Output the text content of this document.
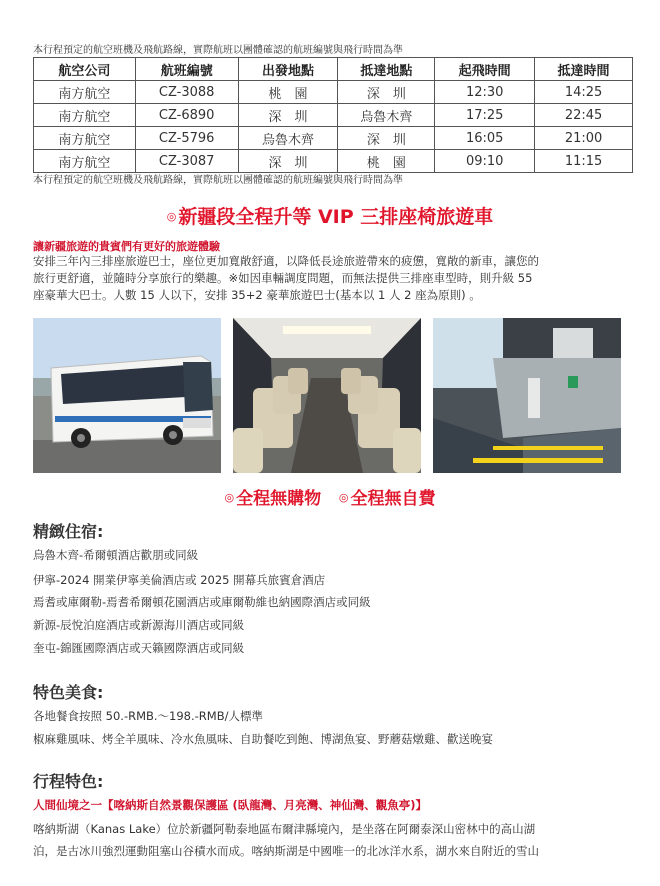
本行程預定的航空班機及飛航路線，實際航班以團體確認的航班編號與飛行時間為準
航空公司	航班編號	出發地點	抵達地點	起飛時間	抵達時間
南方航空	CZ-3088	桃　園	深　圳	12:30	14:25
南方航空	CZ-6890	深　圳	烏魯木齊	17:25	22:45
南方航空	CZ-5796	烏魯木齊	深　圳	16:05	21:00
南方航空	CZ-3087	深　圳	桃　園	09:10	11:15
本行程預定的航空班機及飛航路線，實際航班以團體確認的航班編號與飛行時間為準
◎ 新疆段全程升等 VIP 三排座椅旅遊車
讓新疆旅遊的貴賓們有更好的旅遊體驗
安排三年內三排座旅遊巴士，座位更加寬敞舒適，以降低長途旅遊帶來的疲憊，寬敞的新車，讓您的
旅行更舒適，並隨時分享旅行的樂趣。※如因車輛調度問題，而無法提供三排座車型時，則升級 55
座豪華大巴士。人數 15 人以下，安排 35+2 豪華旅遊巴士(基本以 1 人 2 座為原則) 。
◎ 全程無購物 ◎ 全程無自費
精緻住宿:
烏魯木齊-希爾頓酒店歡朋或同級
伊寧-2024 開業伊寧美倫酒店或 2025 開幕兵旅賓倉酒店
焉耆或庫爾勒-焉耆希爾頓花園酒店或庫爾勒維也納國際酒店或同級
新源-辰悅泊庭酒店或新源海川酒店或同級
奎屯-錦匯國際酒店或天籟國際酒店或同級
特色美食:
各地餐食按照 50.-RMB.～198.-RMB/人標準
椒麻雞風味、烤全羊風味、冷水魚風味、自助餐吃到飽、博湖魚宴、野蘑菇燉雞、歡送晚宴
行程特色:
人間仙境之一【喀納斯自然景觀保護區 (臥龍灣、月亮灣、神仙灣、觀魚亭)】
喀納斯湖（Kanas Lake）位於新疆阿勒泰地區布爾津縣境內，是坐落在阿爾泰深山密林中的高山湖
泊，是古冰川強烈運動阻塞山谷積水而成。喀納斯湖是中國唯一的北冰洋水系，湖水來自附近的雪山
